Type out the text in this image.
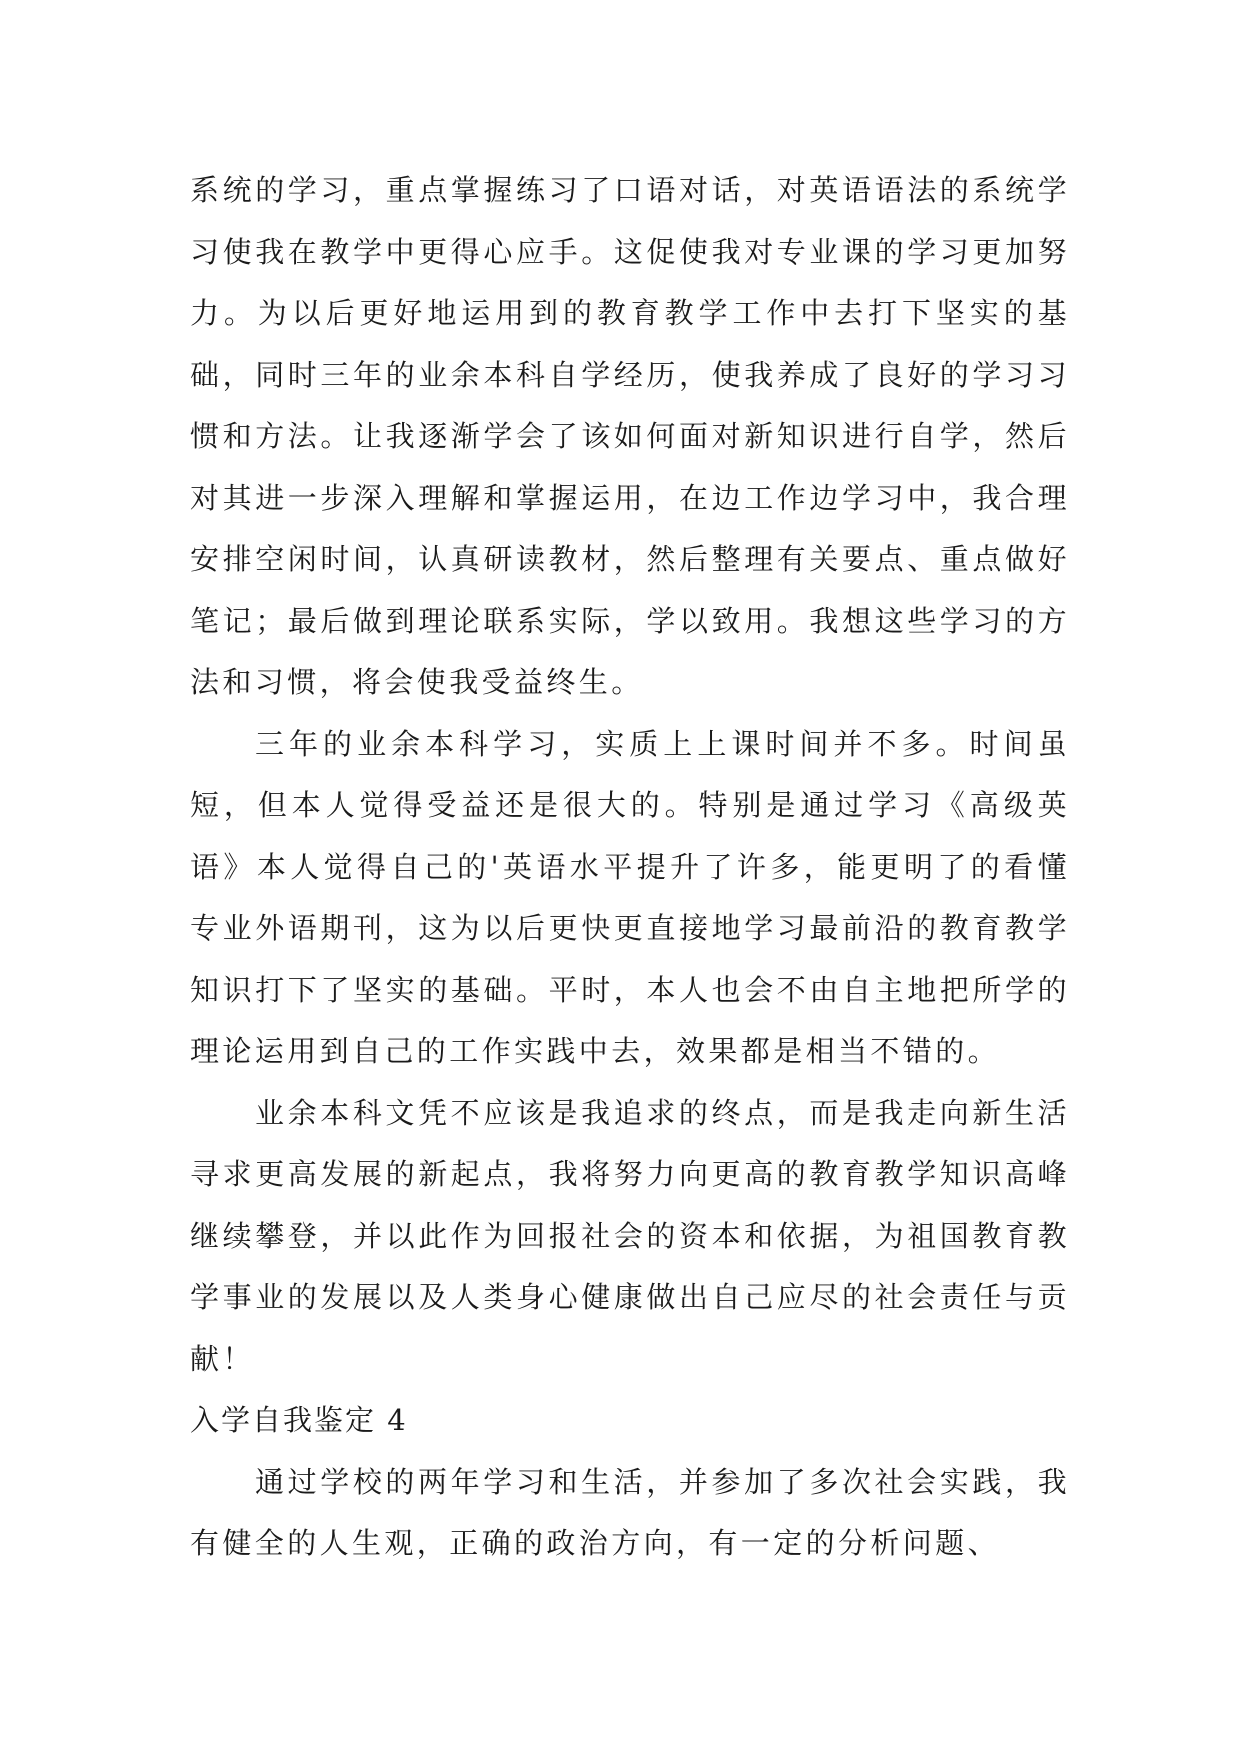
系统的学习，重点掌握练习了口语对话，对英语语法的系统学习使我在教学中更得心应手。这促使我对专业课的学习更加努力。为以后更好地运用到的教育教学工作中去打下坚实的基础，同时三年的业余本科自学经历，使我养成了良好的学习习惯和方法。让我逐渐学会了该如何面对新知识进行自学，然后对其进一步深入理解和掌握运用，在边工作边学习中，我合理安排空闲时间，认真研读教材，然后整理有关要点、重点做好笔记；最后做到理论联系实际，学以致用。我想这些学习的方法和习惯，将会使我受益终生。

三年的业余本科学习，实质上上课时间并不多。时间虽短，但本人觉得受益还是很大的。特别是通过学习《高级英语》本人觉得自己的'英语水平提升了许多，能更明了的看懂专业外语期刊，这为以后更快更直接地学习最前沿的教育教学知识打下了坚实的基础。平时，本人也会不由自主地把所学的理论运用到自己的工作实践中去，效果都是相当不错的。

业余本科文凭不应该是我追求的终点，而是我走向新生活寻求更高发展的新起点，我将努力向更高的教育教学知识高峰继续攀登，并以此作为回报社会的资本和依据，为祖国教育教学事业的发展以及人类身心健康做出自己应尽的社会责任与贡献！

入学自我鉴定 4

通过学校的两年学习和生活，并参加了多次社会实践，我有健全的人生观，正确的政治方向，有一定的分析问题、
